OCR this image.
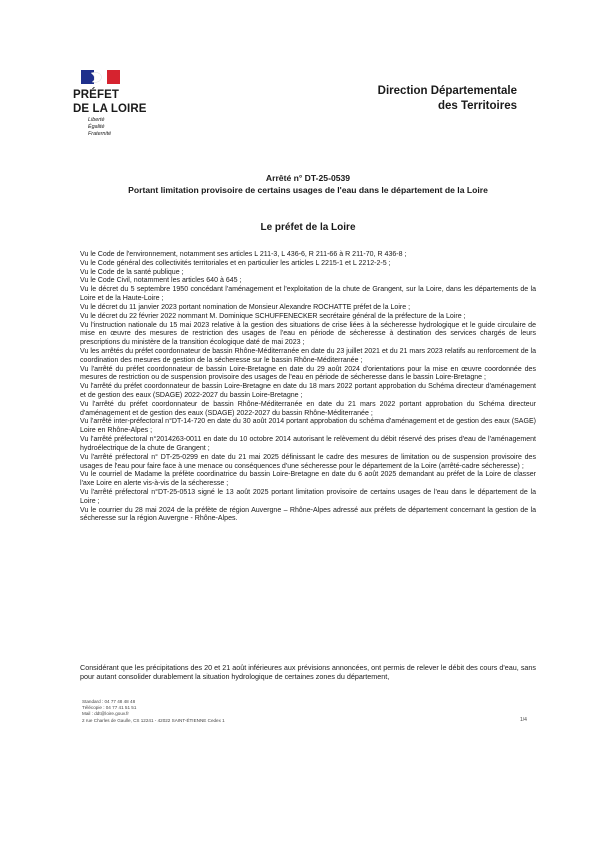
PRÉFET
DE LA LOIRE
Liberté
Égalité
Fraternité
Direction Départementale
des Territoires
Arrêté n° DT-25-0539
Portant limitation provisoire de certains usages de l'eau dans le département de la Loire
Le préfet de la Loire
Vu le Code de l'environnement, notamment ses articles L 211-3, L 436-6, R 211-66 à R 211-70, R 436-8 ;
Vu le Code général des collectivités territoriales et en particulier les articles L 2215-1 et L 2212-2-5 ;
Vu le Code de la santé publique ;
Vu le Code Civil, notamment les articles 640 à 645 ;
Vu le décret du 5 septembre 1950 concédant l'aménagement et l'exploitation de la chute de Grangent, sur la Loire, dans les départements de la Loire et de la Haute-Loire ;
Vu le décret du 11 janvier 2023 portant nomination de Monsieur Alexandre ROCHATTE préfet de la Loire ;
Vu le décret du 22 février 2022 nommant M. Dominique SCHUFFENECKER secrétaire général de la préfecture de la Loire ;
Vu l'instruction nationale du 15 mai 2023 relative à la gestion des situations de crise liées à la sécheresse hydrologique et le guide circulaire de mise en œuvre des mesures de restriction des usages de l'eau en période de sécheresse à destination des services chargés de leurs prescriptions du ministère de la transition écologique daté de mai 2023 ;
Vu les arrêtés du préfet coordonnateur de bassin Rhône-Méditerranée en date du 23 juillet 2021 et du 21 mars 2023 relatifs au renforcement de la coordination des mesures de gestion de la sécheresse sur le bassin Rhône-Méditerranée ;
Vu l'arrêté du préfet coordonnateur de bassin Loire-Bretagne en date du 29 août 2024 d'orientations pour la mise en œuvre coordonnée des mesures de restriction ou de suspension provisoire des usages de l'eau en période de sécheresse dans le bassin Loire-Bretagne ;
Vu l'arrêté du préfet coordonnateur de bassin Loire-Bretagne en date du 18 mars 2022 portant approbation du Schéma directeur d'aménagement et de gestion des eaux (SDAGE) 2022-2027 du bassin Loire-Bretagne ;
Vu l'arrêté du préfet coordonnateur de bassin Rhône-Méditerranée en date du 21 mars 2022 portant approbation du Schéma directeur d'aménagement et de gestion des eaux (SDAGE) 2022-2027 du bassin Rhône-Méditerranée ;
Vu l'arrêté inter-préfectoral n°DT-14-720 en date du 30 août 2014 portant approbation du schéma d'aménagement et de gestion des eaux (SAGE) Loire en Rhône-Alpes ;
Vu l'arrêté préfectoral n°2014263-0011 en date du 10 octobre 2014 autorisant le relèvement du débit réservé des prises d'eau de l'aménagement hydroélectrique de la chute de Grangent ;
Vu l'arrêté préfectoral n° DT-25-0299 en date du 21 mai 2025 définissant le cadre des mesures de limitation ou de suspension provisoire des usages de l'eau pour faire face à une menace ou conséquences d'une sécheresse pour le département de la Loire (arrêté-cadre sécheresse) ;
Vu le courriel de Madame la préfète coordinatrice du bassin Loire-Bretagne en date du 6 août 2025 demandant au préfet de la Loire de classer l'axe Loire en alerte vis-à-vis de la sécheresse ;
Vu l'arrêté préfectoral n°DT-25-0513 signé le 13 août 2025 portant limitation provisoire de certains usages de l'eau dans le département de la Loire ;
Vu le courrier du 28 mai 2024 de la préfète de région Auvergne – Rhône-Alpes adressé aux préfets de département concernant la gestion de la sécheresse sur la région Auvergne - Rhône-Alpes.
Considérant que les précipitations des 20 et 21 août inférieures aux prévisions annoncées, ont permis de relever le débit des cours d'eau, sans pour autant consolider durablement la situation hydrologique de certaines zones du département,
Standard : 04 77 48 48 48
Télécopie : 04 77 41 51 51
Mail : ddt@loire.gouv.fr
2 rue Charles de Gaulle, CS 12241 - 42022 SAINT-ÉTIENNE Cedex 1	1/4
